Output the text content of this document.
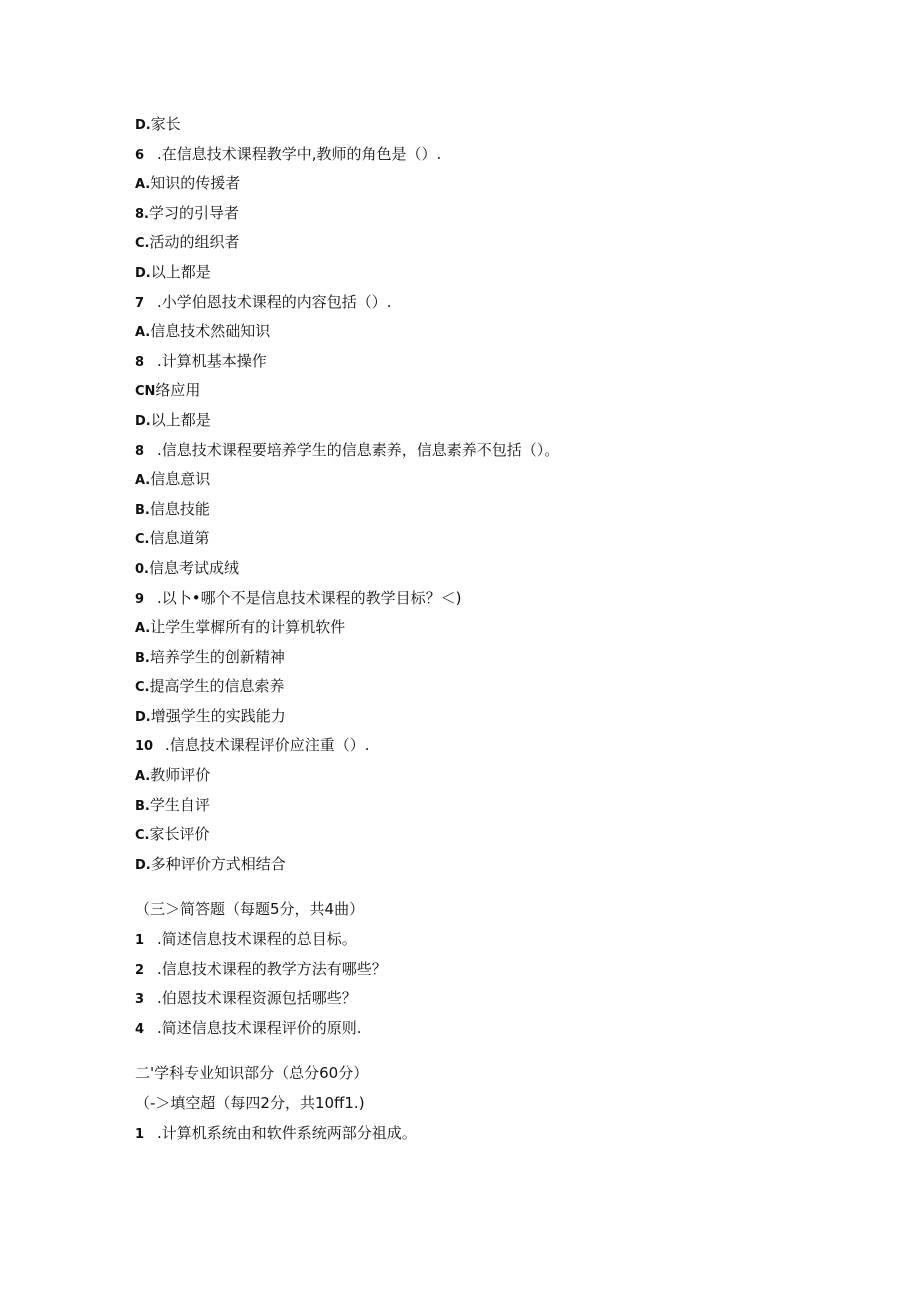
D.家长
6 .在信息技术课程教学中,教师的角色是（）.
A.知识的传援者
8.学习的引导者
C.活动的组织者
D.以上都是
7 .小学伯恩技术课程的内容包括（）.
A.信息技术然础知识
8 .计算机基本操作
CN络应用
D.以上都是
8 .信息技术课程要培养学生的信息素养，信息素养不包括（）。
A.信息意识
B.信息技能
C.信息道第
0.信息考试成绒
9 .以卜•哪个不是信息技术课程的教学目标？＜)
A.让学生掌樨所有的计算机软件
B.培养学生的创新精神
C.提高学生的信息索养
D.增强学生的实践能力
10 .信息技术课程评价应注重（）.
A.教师评价
B.学生自评
C.家长评价
D.多种评价方式相结合
（三＞简答题（每题5分，共4曲）
1 .简述信息技术课程的总目标。
2 .信息技术课程的教学方法有哪些？
3 .伯恩技术课程资源包括哪些？
4 .简述信息技术课程评价的原则.
二'学科专业知识部分（总分60分）
（-＞填空超（每四2分，共10ff1.)
1 .计算机系统由和软件系统两部分祖成。
